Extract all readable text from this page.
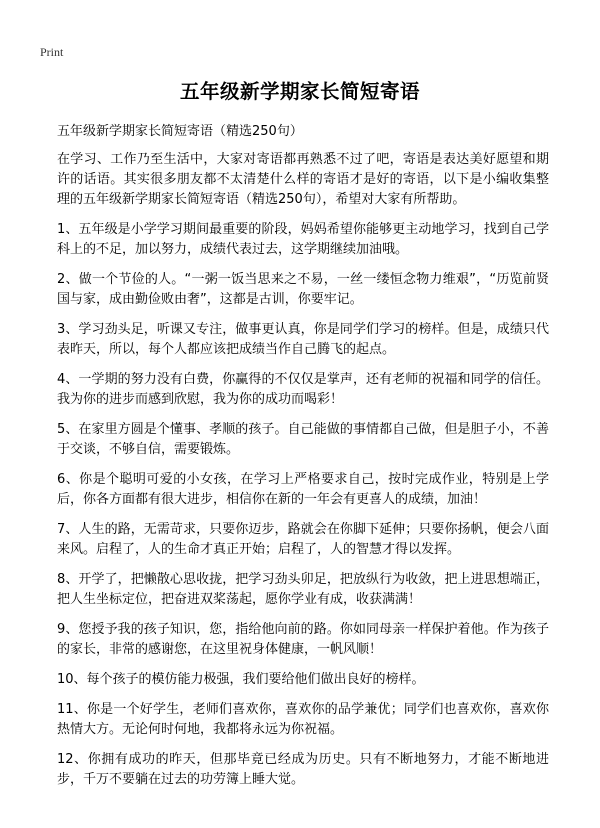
Print
五年级新学期家长简短寄语

五年级新学期家长简短寄语（精选250句）

在学习、工作乃至生活中，大家对寄语都再熟悉不过了吧，寄语是表达美好愿望和期许的话语。其实很多朋友都不太清楚什么样的寄语才是好的寄语，以下是小编收集整理的五年级新学期家长简短寄语（精选250句），希望对大家有所帮助。

1、五年级是小学学习期间最重要的阶段，妈妈希望你能够更主动地学习，找到自己学科上的不足，加以努力，成绩代表过去，这学期继续加油哦。

2、做一个节俭的人。“一粥一饭当思来之不易，一丝一缕恒念物力维艰”，“历览前贤国与家，成由勤俭败由奢”，这都是古训，你要牢记。

3、学习劲头足，听课又专注，做事更认真，你是同学们学习的榜样。但是，成绩只代表昨天，所以，每个人都应该把成绩当作自己腾飞的起点。

4、一学期的努力没有白费，你赢得的不仅仅是掌声，还有老师的祝福和同学的信任。我为你的进步而感到欣慰，我为你的成功而喝彩！

5、在家里方圆是个懂事、孝顺的孩子。自己能做的事情都自己做，但是胆子小，不善于交谈，不够自信，需要锻炼。

6、你是个聪明可爱的小女孩，在学习上严格要求自己，按时完成作业，特别是上学后，你各方面都有很大进步，相信你在新的一年会有更喜人的成绩，加油！

7、人生的路，无需苛求，只要你迈步，路就会在你脚下延伸；只要你扬帆，便会八面来风。启程了，人的生命才真正开始；启程了，人的智慧才得以发挥。

8、开学了，把懒散心思收拢，把学习劲头卯足，把放纵行为收敛，把上进思想端正，把人生坐标定位，把奋进双桨荡起，愿你学业有成，收获满满！

9、您授予我的孩子知识，您，指给他向前的路。你如同母亲一样保护着他。作为孩子的家长，非常的感谢您，在这里祝身体健康，一帆风顺！

10、每个孩子的模仿能力极强，我们要给他们做出良好的榜样。

11、你是一个好学生，老师们喜欢你，喜欢你的品学兼优；同学们也喜欢你，喜欢你热情大方。无论何时何地，我都将永远为你祝福。

12、你拥有成功的昨天，但那毕竟已经成为历史。只有不断地努力，才能不断地进步，千万不要躺在过去的功劳簿上睡大觉。
